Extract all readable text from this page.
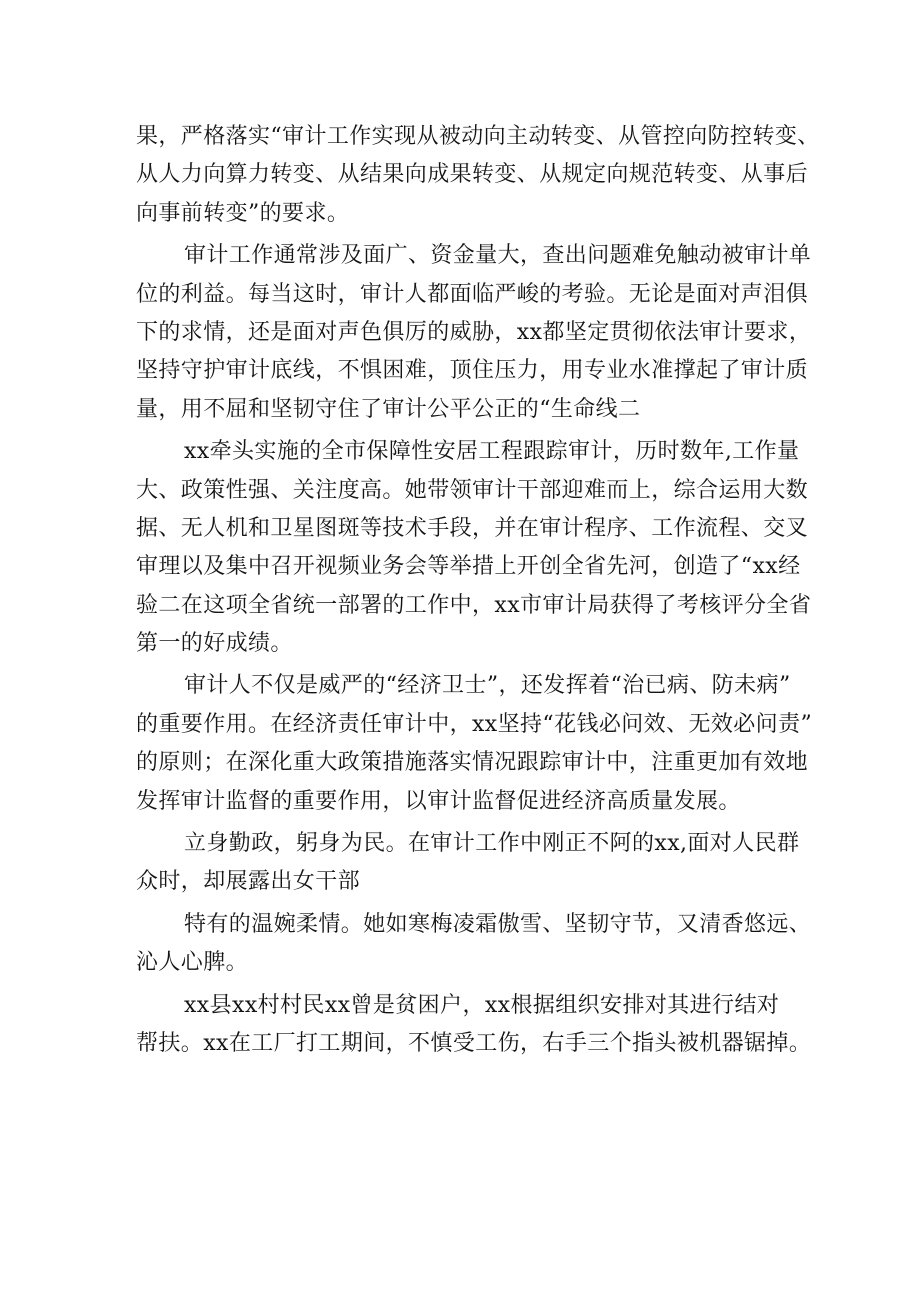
果，严格落实“审计工作实现从被动向主动转变、从管控向防控转变、
从人力向算力转变、从结果向成果转变、从规定向规范转变、从事后
向事前转变”的要求。
审计工作通常涉及面广、资金量大，查出问题难免触动被审计单
位的利益。每当这时，审计人都面临严峻的考验。无论是面对声泪俱
下的求情，还是面对声色俱厉的威胁，xx都坚定贯彻依法审计要求，
坚持守护审计底线，不惧困难，顶住压力，用专业水准撑起了审计质
量，用不屈和坚韧守住了审计公平公正的“生命线二
xx牵头实施的全市保障性安居工程跟踪审计，历时数年,工作量
大、政策性强、关注度高。她带领审计干部迎难而上，综合运用大数
据、无人机和卫星图斑等技术手段，并在审计程序、工作流程、交叉
审理以及集中召开视频业务会等举措上开创全省先河，创造了“xx经
验二在这项全省统一部署的工作中，xx市审计局获得了考核评分全省
第一的好成绩。
审计人不仅是威严的“经济卫士”，还发挥着“治已病、防未病”
的重要作用。在经济责任审计中，xx坚持“花钱必问效、无效必问责”
的原则；在深化重大政策措施落实情况跟踪审计中，注重更加有效地
发挥审计监督的重要作用，以审计监督促进经济高质量发展。
立身勤政，躬身为民。在审计工作中刚正不阿的xx,面对人民群
众时，却展露出女干部
特有的温婉柔情。她如寒梅凌霜傲雪、坚韧守节，又清香悠远、
沁人心脾。
xx县xx村村民xx曾是贫困户，xx根据组织安排对其进行结对
帮扶。xx在工厂打工期间，不慎受工伤，右手三个指头被机器锯掉。
